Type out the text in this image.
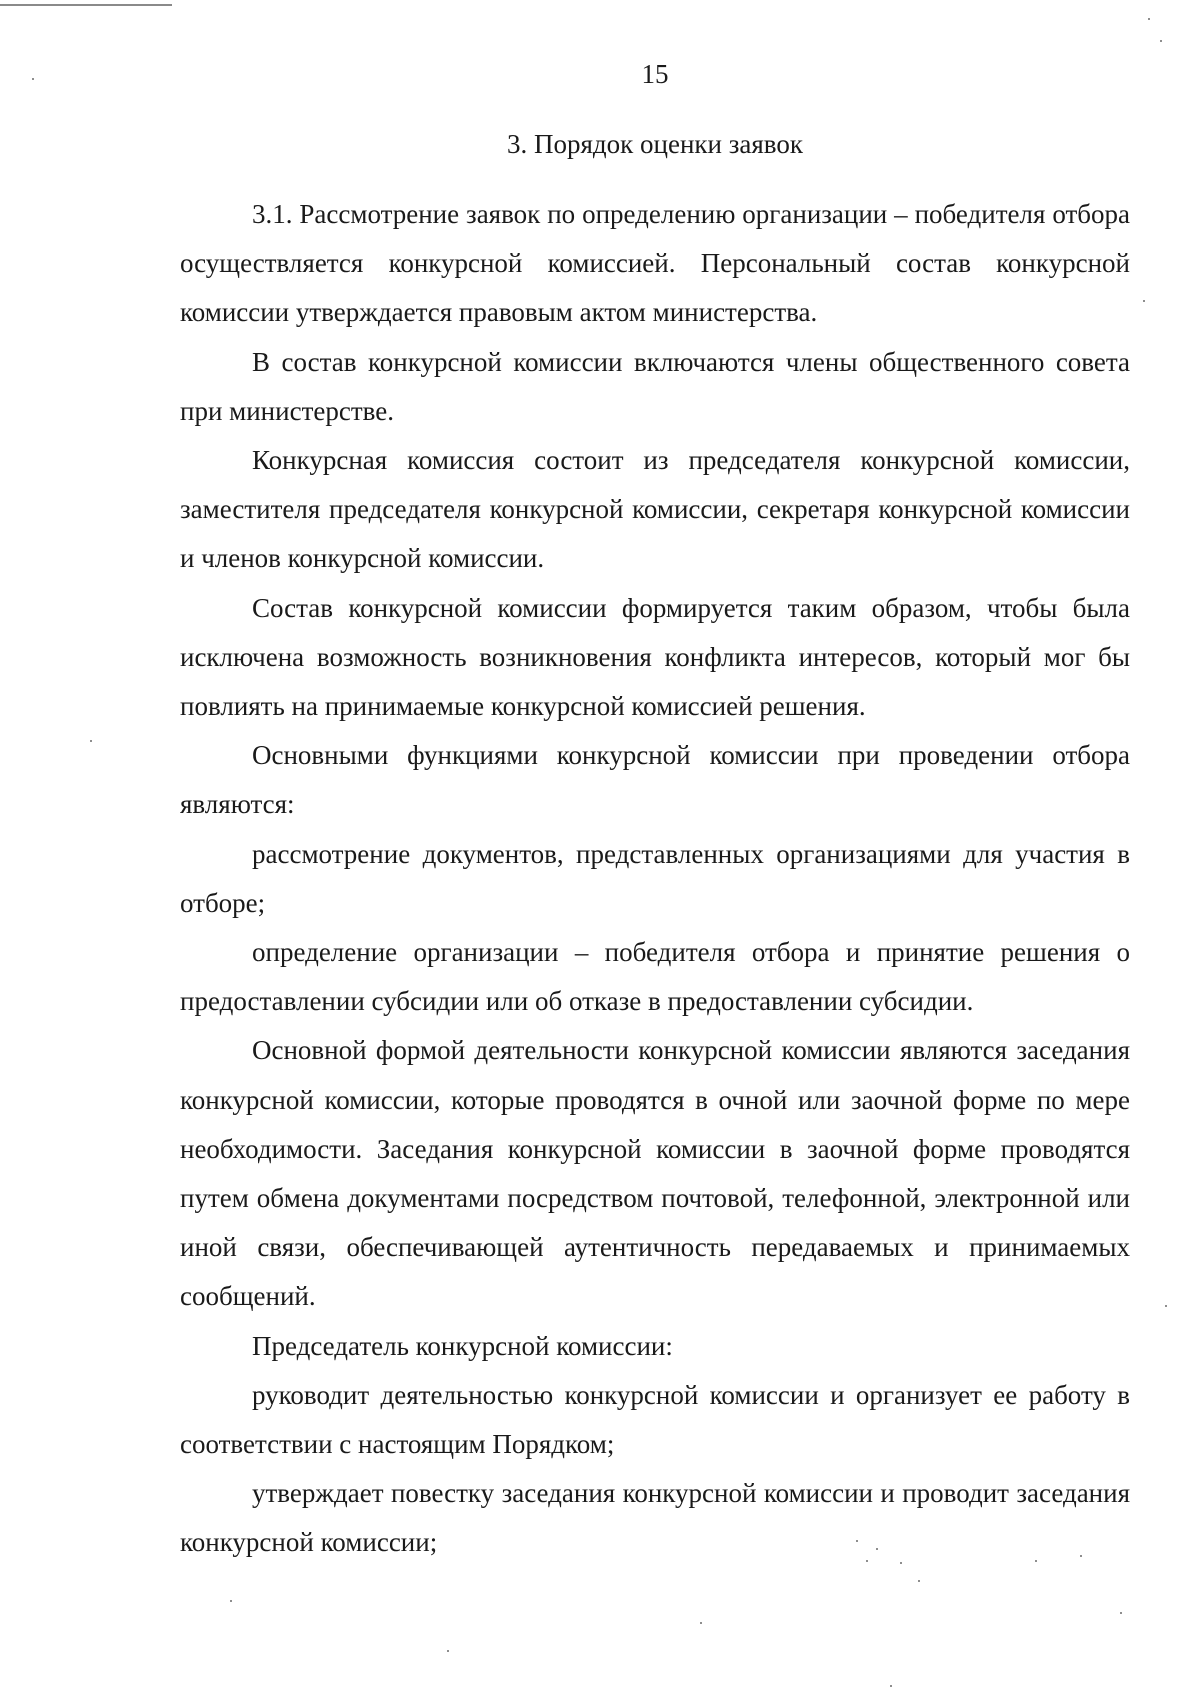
15
3. Порядок оценки заявок

3.1. Рассмотрение заявок по определению организации – победителя отбора осуществляется конкурсной комиссией. Персональный состав конкурсной комиссии утверждается правовым актом министерства.

В состав конкурсной комиссии включаются члены общественного совета при министерстве.

Конкурсная комиссия состоит из председателя конкурсной комиссии, заместителя председателя конкурсной комиссии, секретаря конкурсной комиссии и членов конкурсной комиссии.

Состав конкурсной комиссии формируется таким образом, чтобы была исключена возможность возникновения конфликта интересов, который мог бы повлиять на принимаемые конкурсной комиссией решения.

Основными функциями конкурсной комиссии при проведении отбора являются:

рассмотрение документов, представленных организациями для участия в отборе;

определение организации – победителя отбора и принятие решения о предоставлении субсидии или об отказе в предоставлении субсидии.

Основной формой деятельности конкурсной комиссии являются заседания конкурсной комиссии, которые проводятся в очной или заочной форме по мере необходимости. Заседания конкурсной комиссии в заочной форме проводятся путем обмена документами посредством почтовой, телефонной, электронной или иной связи, обеспечивающей аутентичность передаваемых и принимаемых сообщений.

Председатель конкурсной комиссии:

руководит деятельностью конкурсной комиссии и организует ее работу в соответствии с настоящим Порядком;

утверждает повестку заседания конкурсной комиссии и проводит заседания конкурсной комиссии;
